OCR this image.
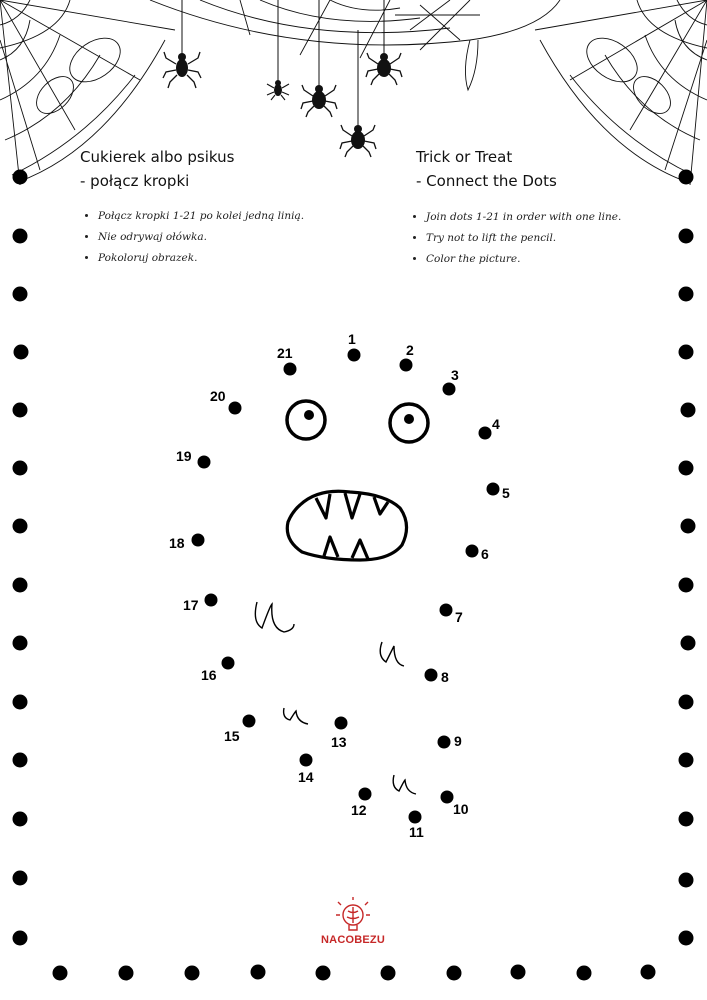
1
2
3
4
5
6
7
8
9
10
11
12
13
14
15
16
17
18
19
20
21
Cukierek albo psikus
- połącz kropki
• Połącz kropki 1-21 po kolei jedną linią.
• Nie odrywaj ołówka.
• Pokoloruj obrazek.
Trick or Treat
- Connect the Dots
• Join dots 1-21 in order with one line.
• Try not to lift the pencil.
• Color the picture.
NACOBEZU
